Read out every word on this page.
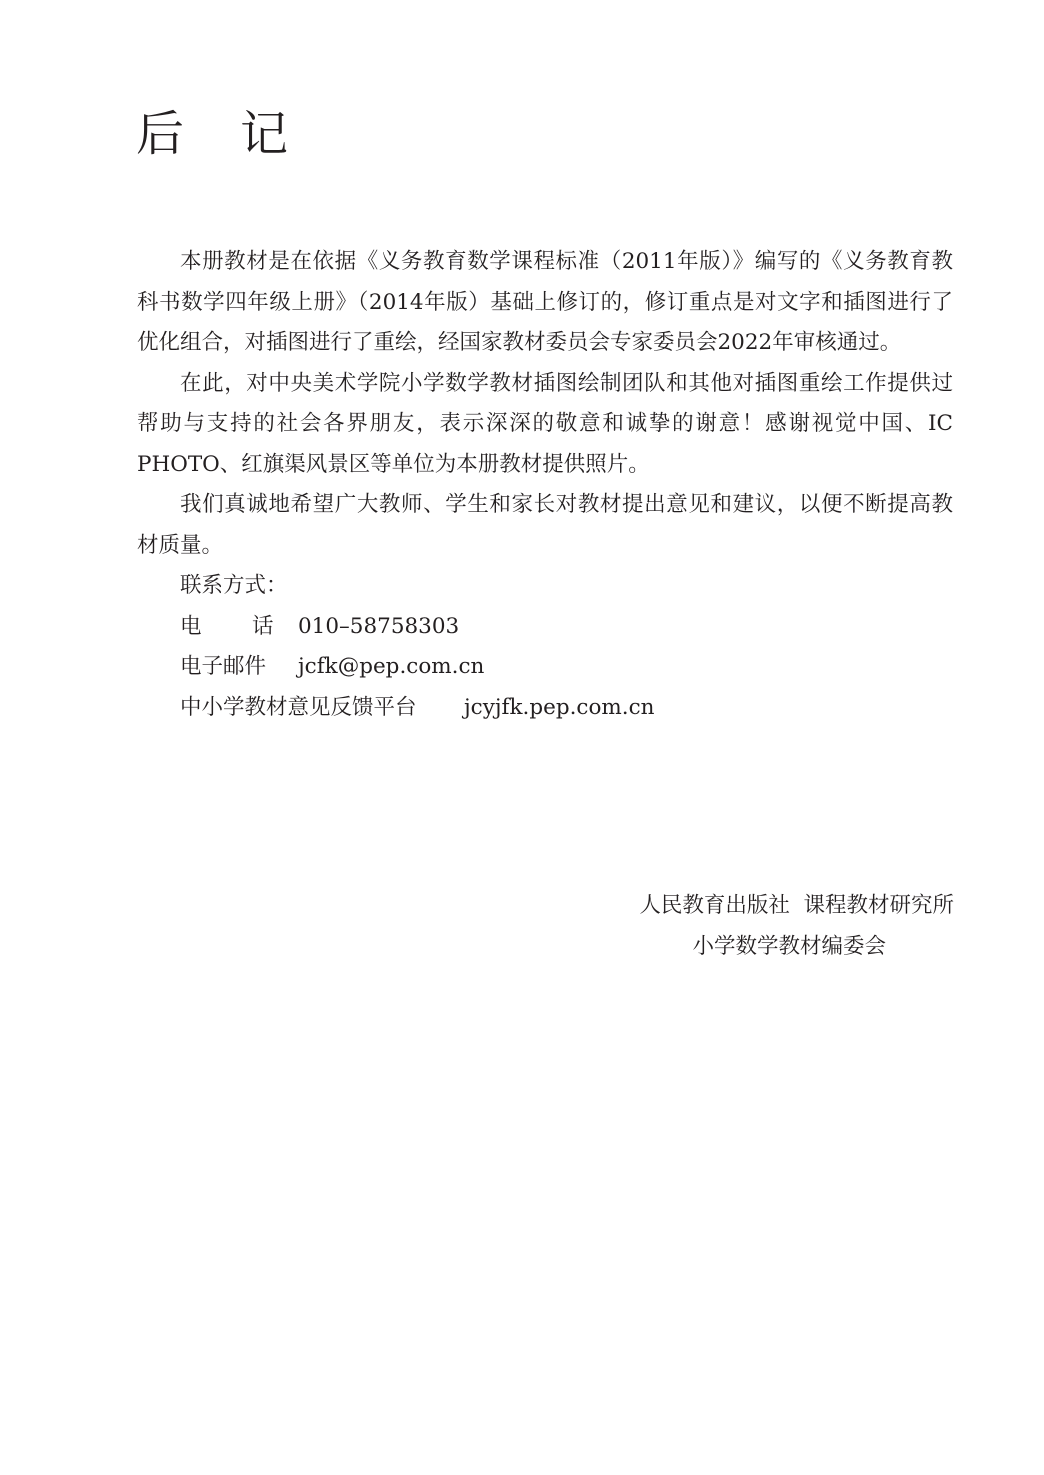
后	记

本册教材是在依据《义务教育数学课程标准（2011年版）》编写的《义务教育教科书数学四年级上册》（2014年版）基础上修订的，修订重点是对文字和插图进行了优化组合，对插图进行了重绘，经国家教材委员会专家委员会2022年审核通过。

在此，对中央美术学院小学数学教材插图绘制团队和其他对插图重绘工作提供过帮助与支持的社会各界朋友，表示深深的敬意和诚挚的谢意！感谢视觉中国、IC PHOTO、红旗渠风景区等单位为本册教材提供照片。

我们真诚地希望广大教师、学生和家长对教材提出意见和建议，以便不断提高教材质量。

联系方式：

电 话 010–58758303

电子邮件 jcfk@pep.com.cn

中小学教材意见反馈平台 jcyjfk.pep.com.cn

人民教育出版社  课程教材研究所
小学数学教材编委会
